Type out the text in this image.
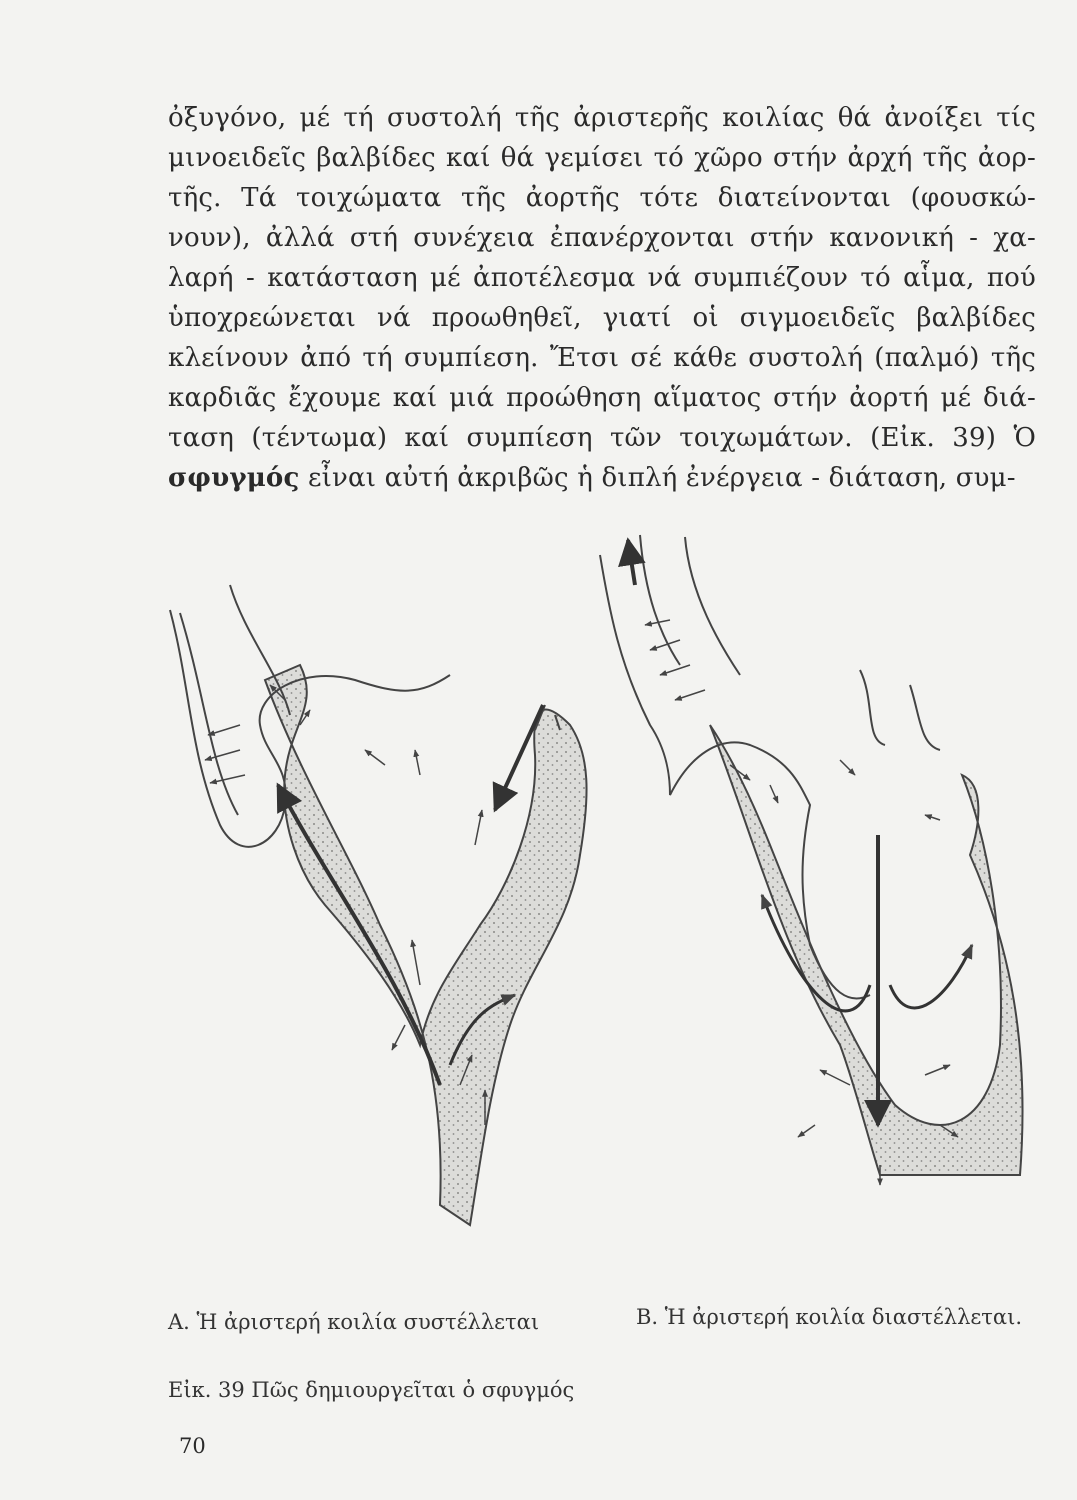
ὀξυγόνο, μέ τή συστολή τῆς ἀριστερῆς κοιλίας θά ἀνοίξει τίς
μινοειδεῖς βαλβίδες καί θά γεμίσει τό χῶρο στήν ἀρχή τῆς ἀορ-
τῆς. Τά τοιχώματα τῆς ἀορτῆς τότε διατείνονται (φουσκώ-
νουν), ἀλλά στή συνέχεια ἐπανέρχονται στήν κανονική - χα-
λαρή - κατάσταση μέ ἀποτέλεσμα νά συμπιέζουν τό αἷμα, πού
ὑποχρεώνεται νά προωθηθεῖ, γιατί οἱ σιγμοειδεῖς βαλβίδες
κλείνουν ἀπό τή συμπίεση. Ἔτσι σέ κάθε συστολή (παλμό) τῆς
καρδιᾶς ἔχουμε καί μιά προώθηση αἵματος στήν ἀορτή μέ διά-
ταση (τέντωμα) καί συμπίεση τῶν τοιχωμάτων. (Εἰκ. 39) Ὁ
σφυγμός εἶναι αὐτή ἀκριβῶς ἡ διπλή ἐνέργεια - διάταση, συμ-
Α. Ἡ ἀριστερή κοιλία συστέλλεται	Β. Ἡ ἀριστερή κοιλία διαστέλλεται.
Εἰκ. 39 Πῶς δημιουργεῖται ὁ σφυγμός
70
